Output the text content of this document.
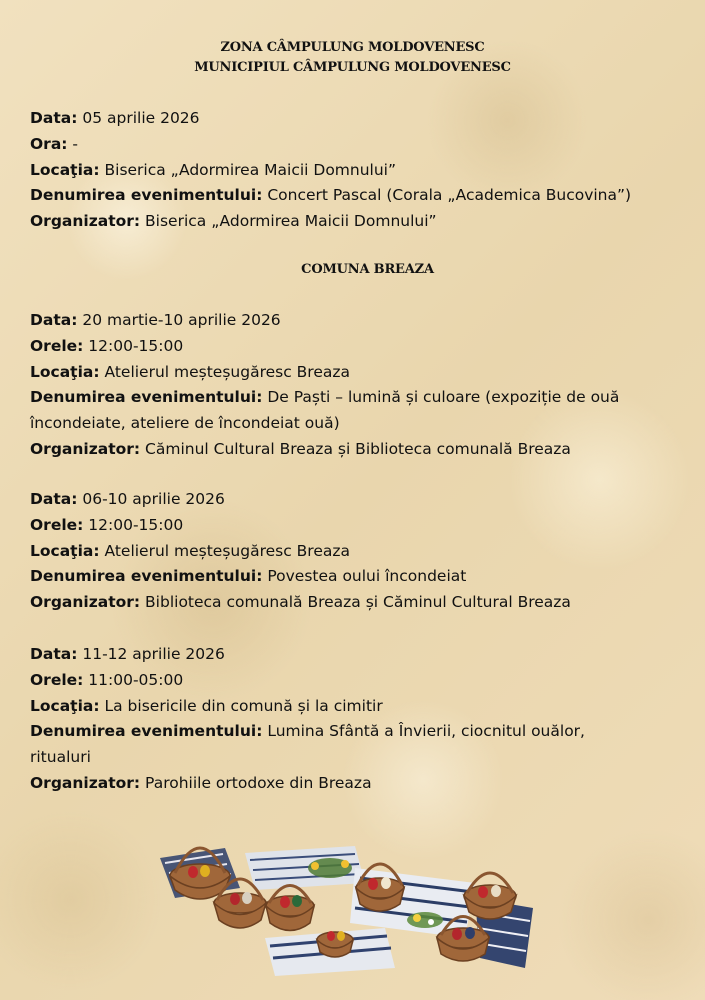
ZONA CÂMPULUNG MOLDOVENESC
MUNICIPIUL CÂMPULUNG MOLDOVENESC
Data: 05 aprilie 2026
Ora: -
Locaţia: Biserica „Adormirea Maicii Domnului”
Denumirea evenimentului: Concert Pascal (Corala „Academica Bucovina”)
Organizator: Biserica „Adormirea Maicii Domnului”
COMUNA BREAZA
Data: 20 martie-10 aprilie 2026
Orele: 12:00-15:00
Locaţia: Atelierul meșteșugăresc Breaza
Denumirea evenimentului: De Paști – lumină și culoare (expoziție de ouă
încondeiate, ateliere de încondeiat ouă)
Organizator: Căminul Cultural Breaza și Biblioteca comunală Breaza
Data: 06-10 aprilie 2026
Orele: 12:00-15:00
Locaţia: Atelierul meșteșugăresc Breaza
Denumirea evenimentului: Povestea oului încondeiat
Organizator: Biblioteca comunală Breaza și Căminul Cultural Breaza
Data: 11-12 aprilie 2026
Orele: 11:00-05:00
Locaţia: La bisericile din comună și la cimitir
Denumirea evenimentului: Lumina Sfântă a Învierii, ciocnitul ouălor,
ritualuri
Organizator: Parohiile ortodoxe din Breaza
